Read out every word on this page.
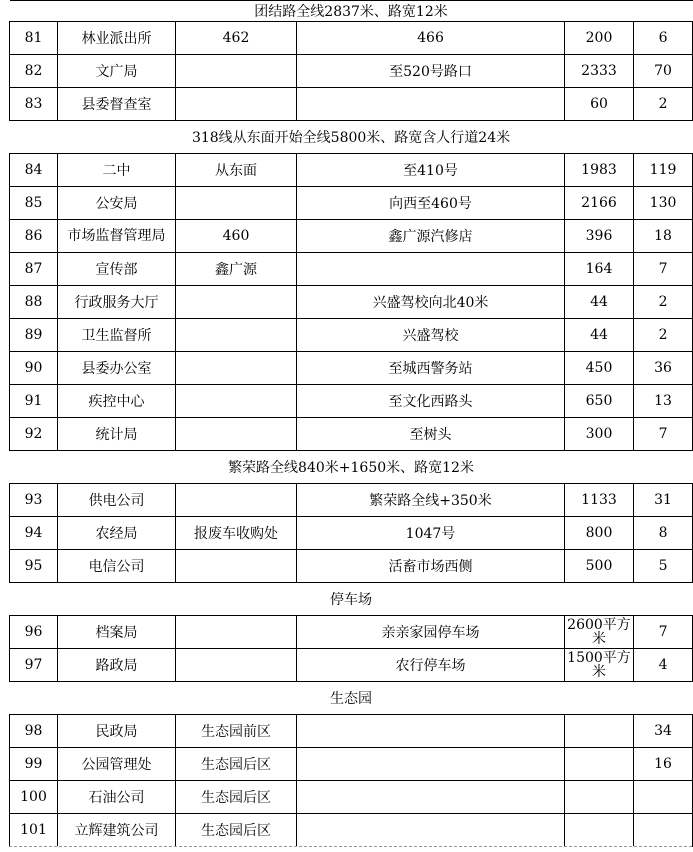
团结路全线2837米、路宽12米					
81	林业派出所	462	466	200	6
82	文广局		至520号路口	2333	70
83	县委督查室			60	2
318线从东面开始全线5800米、路宽含人行道24米					
84	二中	从东面	至410号	1983	119
85	公安局		向西至460号	2166	130
86	市场监督管理局	460	鑫广源汽修店	396	18
87	宣传部	鑫广源		164	7
88	行政服务大厅		兴盛驾校向北40米	44	2
89	卫生监督所		兴盛驾校	44	2
90	县委办公室		至城西警务站	450	36
91	疾控中心		至文化西路头	650	13
92	统计局		至树头	300	7
繁荣路全线840米+1650米、路宽12米					
93	供电公司		繁荣路全线+350米	1133	31
94	农经局	报废车收购处	1047号	800	8
95	电信公司		活畜市场西侧	500	5
停车场					
96	档案局		亲亲家园停车场	2600平方米	7
97	路政局		农行停车场	1500平方米	4
生态园					
98	民政局	生态园前区			34
99	公园管理处	生态园后区			16
100	石油公司	生态园后区			
101	立辉建筑公司	生态园后区			
